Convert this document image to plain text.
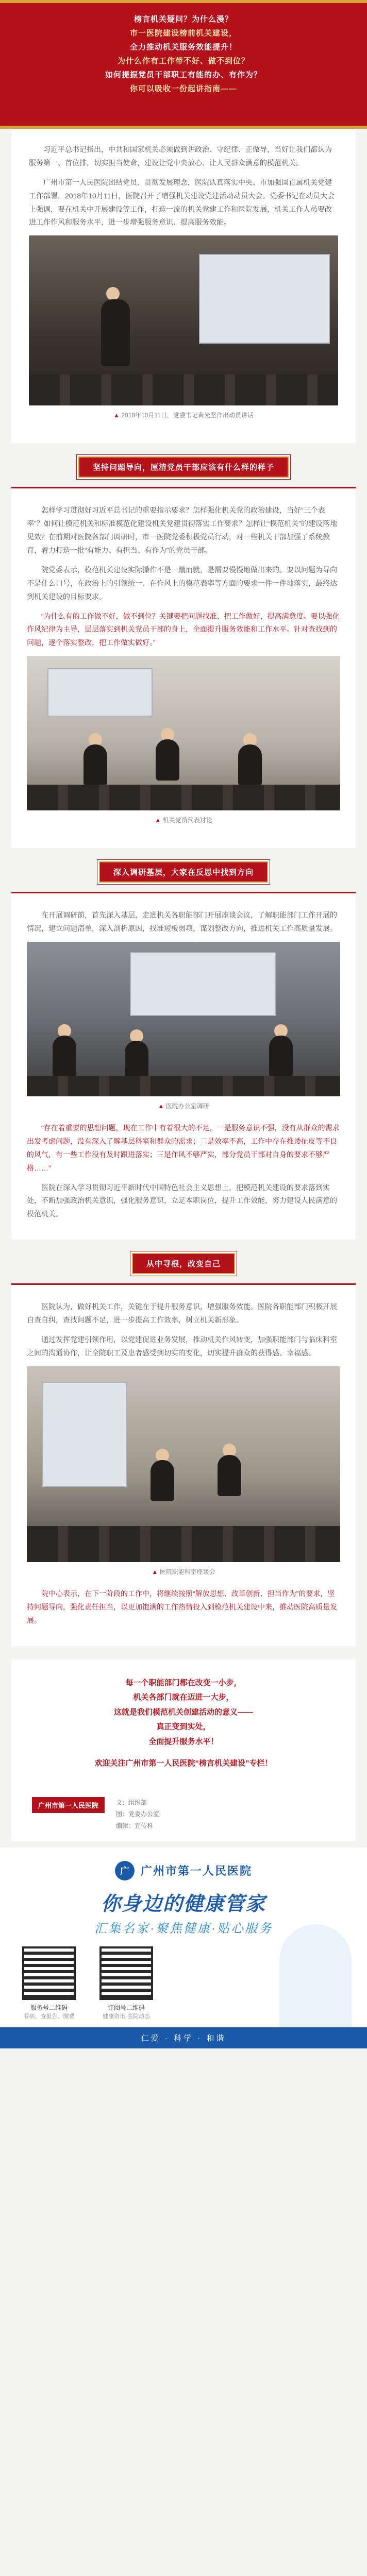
榜言机关疑问？为什么漫？
市一医院建设榜前机关建设，
全力推动机关服务效能提升！
为什么作有工作带不好、做不到位？
如何提振党员干部职工有能的办、有作为？
你可以吸收一份起讲指南——

习近平总书记指出，中共和国家机关必须做到讲政治、守纪律、正做导，当好让我们都认为服务第一、首位排，切实担当使命，建设让党中央放心、让人民群众满意的模范机关。

广州市第一人民医院团结党员、贯彻发展理念，医院认真落实中央、市加强国直属机关党建工作部署，2018年10月11日，医院召开了增强机关建设党建活动动员大会。党委书记在动员大会上强调，要在机关中开展建设等工作，打造一流的机关党建工作和医院发展，机关工作人员要改进工作作风和服务水平，进一步增强服务意识、提高服务效能。

▲ 2018年10月11日，党委书记黄光坚作出动员讲话
坚持问题导向，厘清党员干部应该有什么样的样子

怎样学习贯彻好习近平总书记的重要指示要求？怎样强化机关党的政治建设，当好“三个表率”？如何让模范机关和标准模范化建设机关党建贯彻落实工作要求？怎样让“模范机关”的建设落地见效？在前期对医院各部门调研时，市一医院党委积极党员行动，对一些机关干部加强了系统教育，着力打造一批“有能力、有担当、有作为”的党员干部。

院党委表示，模范机关建设实际操作不是一蹴而就，是需要慢慢地做出来的。要以问题为导向不是什么口号，在政治上的引领统一、在作风上的模范表率等方面的要求一件一件地落实，最终达到机关建设的目标要求。

“为什么有的工作做不好，做不到位？关键要把问题找准、把工作做好，提高满意度。要以强化作风纪律为主导，层层落实到机关党员干部的身上，全面提升服务效能和工作水平。针对查找到的问题，逐个落实整改，把工作做实做好。”

▲ 机关党员代表讨论
深入调研基层，大家在反思中找到方向

在开展调研前，首先深入基层，走进机关各职能部门开展座谈会议，了解职能部门工作开展的情况，建立问题清单，深入剖析原因，找准短板弱项，谋划整改方向，推进机关工作高质量发展。

▲ 医院办公室调研

“存在着重要的思想问题，现在工作中有着很大的不足，一是服务意识不强，没有从群众的需求出发考虑问题，没有深入了解基层科室和群众的需求；二是效率不高，工作中存在推诿扯皮等不良的风气，有一些工作没有及时跟进落实；三是作风不够严实，部分党员干部对自身的要求不够严格……”

医院在深入学习贯彻习近平新时代中国特色社会主义思想上，把模范机关建设的要求落到实处，不断加强政治机关意识，强化服务意识，立足本职岗位，提升工作效能，努力建设人民满意的模范机关。

从中寻根，改变自己

医院认为，做好机关工作，关键在于提升服务意识，增强服务效能。医院各职能部门积极开展自查自纠，查找问题不足，进一步提高工作效率，树立机关新形象。

通过发挥党建引领作用，以党建促进业务发展，推动机关作风转变，加强职能部门与临床科室之间的沟通协作，让全院职工及患者感受到切实的变化，切实提升群众的获得感、幸福感。

▲ 医院职能科室座谈会

院中心表示，在下一阶段的工作中，将继续按照“解放思想、改革创新、担当作为”的要求，坚持问题导向，强化责任担当，以更加饱满的工作热情投入到模范机关建设中来，推动医院高质量发展。

每一个职能部门都在改变一小步，
机关各部门就在迈进一大步，
这就是我们模范机关创建活动的意义——
真正变到实处，
全面提升服务水平！
欢迎关注广州市第一人民医院“榜言机关建设”专栏！
广州市第一人民医院	文：组织部
图：党委办公室
编辑：宣传科
广	广州市第一人民医院
你身边的健康管家
汇集名家·聚焦健康·贴心服务
服务号二维码
看病、查报告、缴费
订阅号二维码
健康资讯·医院动态
仁爱 · 科学 · 和谐
